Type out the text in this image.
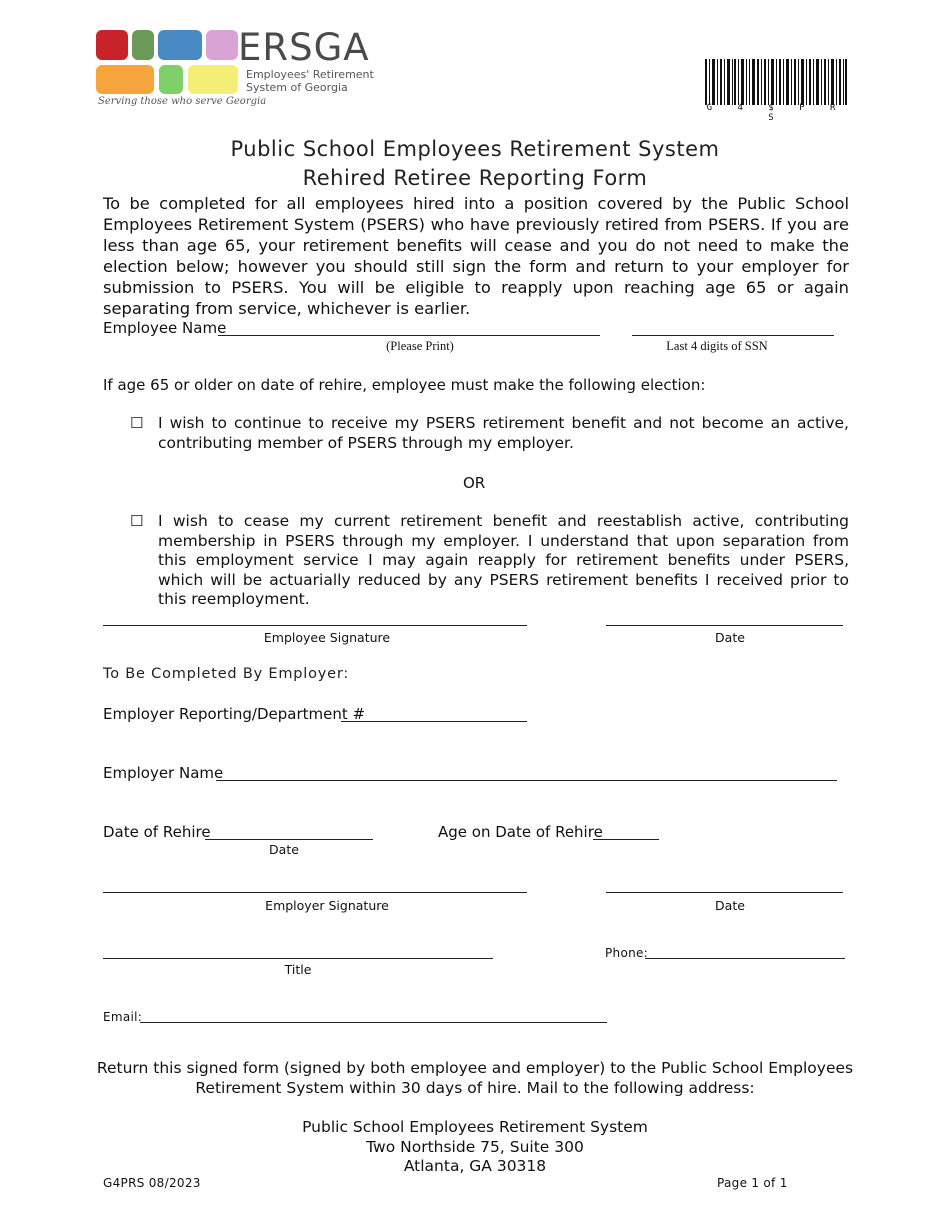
ERSGA
Employees' Retirement
System of Georgia
Serving those who serve Georgia
G 4 $ P R S
Public School Employees Retirement System
Rehired Retiree Reporting Form
To be completed for all employees hired into a position covered by the Public School Employees Retirement System (PSERS) who have previously retired from PSERS. If you are less than age 65, your retirement benefits will cease and you do not need to make the election below; however you should still sign the form and return to your employer for submission to PSERS. You will be eligible to reapply upon reaching age 65 or again separating from service, whichever is earlier.
Employee Name
(Please Print)	Last 4 digits of SSN
If age 65 or older on date of rehire, employee must make the following election:
☐ I wish to continue to receive my PSERS retirement benefit and not become an active, contributing member of PSERS through my employer.
OR
☐ I wish to cease my current retirement benefit and reestablish active, contributing membership in PSERS through my employer. I understand that upon separation from this employment service I may again reapply for retirement benefits under PSERS, which will be actuarially reduced by any PSERS retirement benefits I received prior to this reemployment.
Employee Signature	Date
To Be Completed By Employer:
Employer Reporting/Department #
Employer Name
Date of Rehire
Date
Age on Date of Rehire
Employer Signature	Date
Title
Phone:
Email:
Return this signed form (signed by both employee and employer) to the Public School Employees
Retirement System within 30 days of hire. Mail to the following address:
Public School Employees Retirement System
Two Northside 75, Suite 300
Atlanta, GA 30318
G4PRS 08/2023	Page 1 of 1
